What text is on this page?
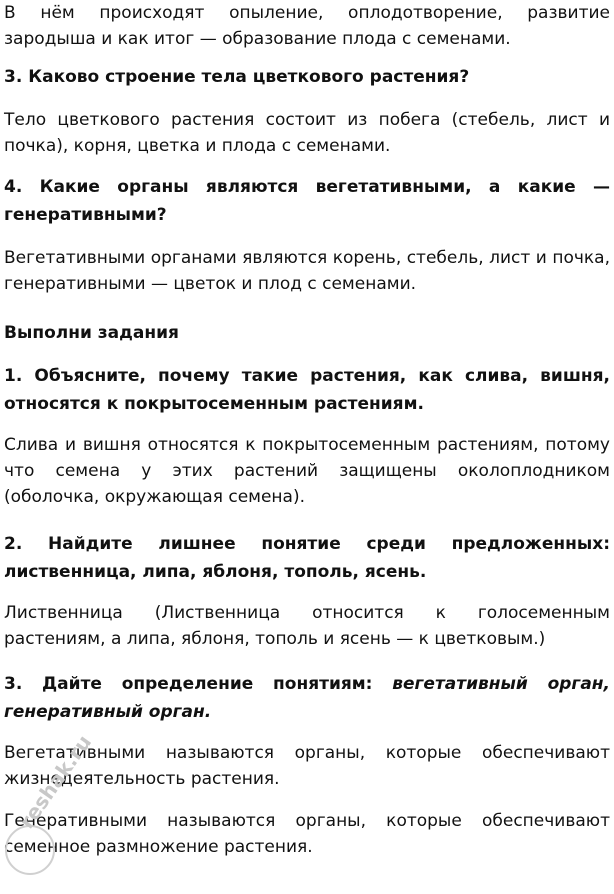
В нём происходят опыление, оплодотворение, развитие зародыша и как итог — образование плода с семенами.

3. Каково строение тела цветкового растения?

Тело цветкового растения состоит из побега (стебель, лист и почка), корня, цветка и плода с семенами.

4. Какие органы являются вегетативными, а какие — генеративными?

Вегетативными органами являются корень, стебель, лист и почка, генеративными — цветок и плод с семенами.

Выполни задания

1. Объясните, почему такие растения, как слива, вишня, относятся к покрытосеменным растениям.

Слива и вишня относятся к покрытосеменным растениям, потому что семена у этих растений защищены околоплодником (оболочка, окружающая семена).

2. Найдите лишнее понятие среди предложенных: лиственница, липа, яблоня, тополь, ясень.

Лиственница (Лиственница относится к голосеменным растениям, а липа, яблоня, тополь и ясень — к цветковым.)

3. Дайте определение понятиям: вегетативный орган, генеративный орган.

Вегетативными называются органы, которые обеспечивают жизнедеятельность растения.

Генеративными называются органы, которые обеспечивают семенное размножение растения.

reshak.ru
